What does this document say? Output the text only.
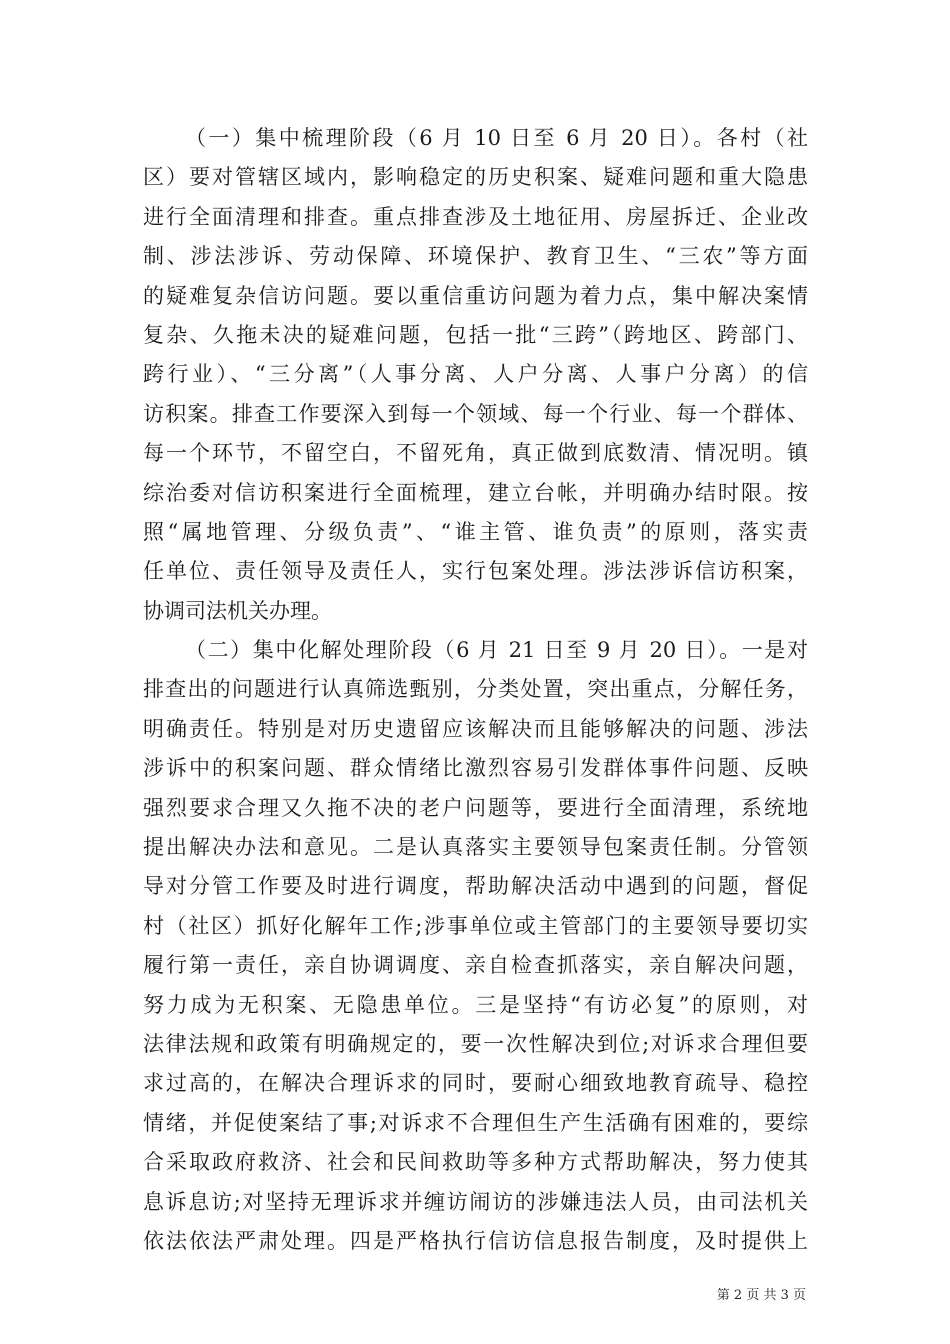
（一）集中梳理阶段（6 月 10 日至 6 月 20 日）。各村（社
区）要对管辖区域内，影响稳定的历史积案、疑难问题和重大隐患
进行全面清理和排查。重点排查涉及土地征用、房屋拆迁、企业改
制、涉法涉诉、劳动保障、环境保护、教育卫生、“三农”等方面
的疑难复杂信访问题。要以重信重访问题为着力点，集中解决案情
复杂、久拖未决的疑难问题，包括一批“三跨”（跨地区、跨部门、
跨行业）、“三分离”（人事分离、人户分离、人事户分离）的信
访积案。排查工作要深入到每一个领域、每一个行业、每一个群体、
每一个环节，不留空白，不留死角，真正做到底数清、情况明。镇
综治委对信访积案进行全面梳理，建立台帐，并明确办结时限。按
照“属地管理、分级负责”、“谁主管、谁负责”的原则，落实责
任单位、责任领导及责任人，实行包案处理。涉法涉诉信访积案，
协调司法机关办理。
（二）集中化解处理阶段（6 月 21 日至 9 月 20 日）。一是对
排查出的问题进行认真筛选甄别，分类处置，突出重点，分解任务，
明确责任。特别是对历史遗留应该解决而且能够解决的问题、涉法
涉诉中的积案问题、群众情绪比激烈容易引发群体事件问题、反映
强烈要求合理又久拖不决的老户问题等，要进行全面清理，系统地
提出解决办法和意见。二是认真落实主要领导包案责任制。分管领
导对分管工作要及时进行调度，帮助解决活动中遇到的问题，督促
村（社区）抓好化解年工作;涉事单位或主管部门的主要领导要切实
履行第一责任，亲自协调调度、亲自检查抓落实，亲自解决问题，
努力成为无积案、无隐患单位。三是坚持“有访必复”的原则，对
法律法规和政策有明确规定的，要一次性解决到位;对诉求合理但要
求过高的，在解决合理诉求的同时，要耐心细致地教育疏导、稳控
情绪，并促使案结了事;对诉求不合理但生产生活确有困难的，要综
合采取政府救济、社会和民间救助等多种方式帮助解决，努力使其
息诉息访;对坚持无理诉求并缠访闹访的涉嫌违法人员，由司法机关
依法依法严肃处理。四是严格执行信访信息报告制度，及时提供上
第 2 页 共 3 页
